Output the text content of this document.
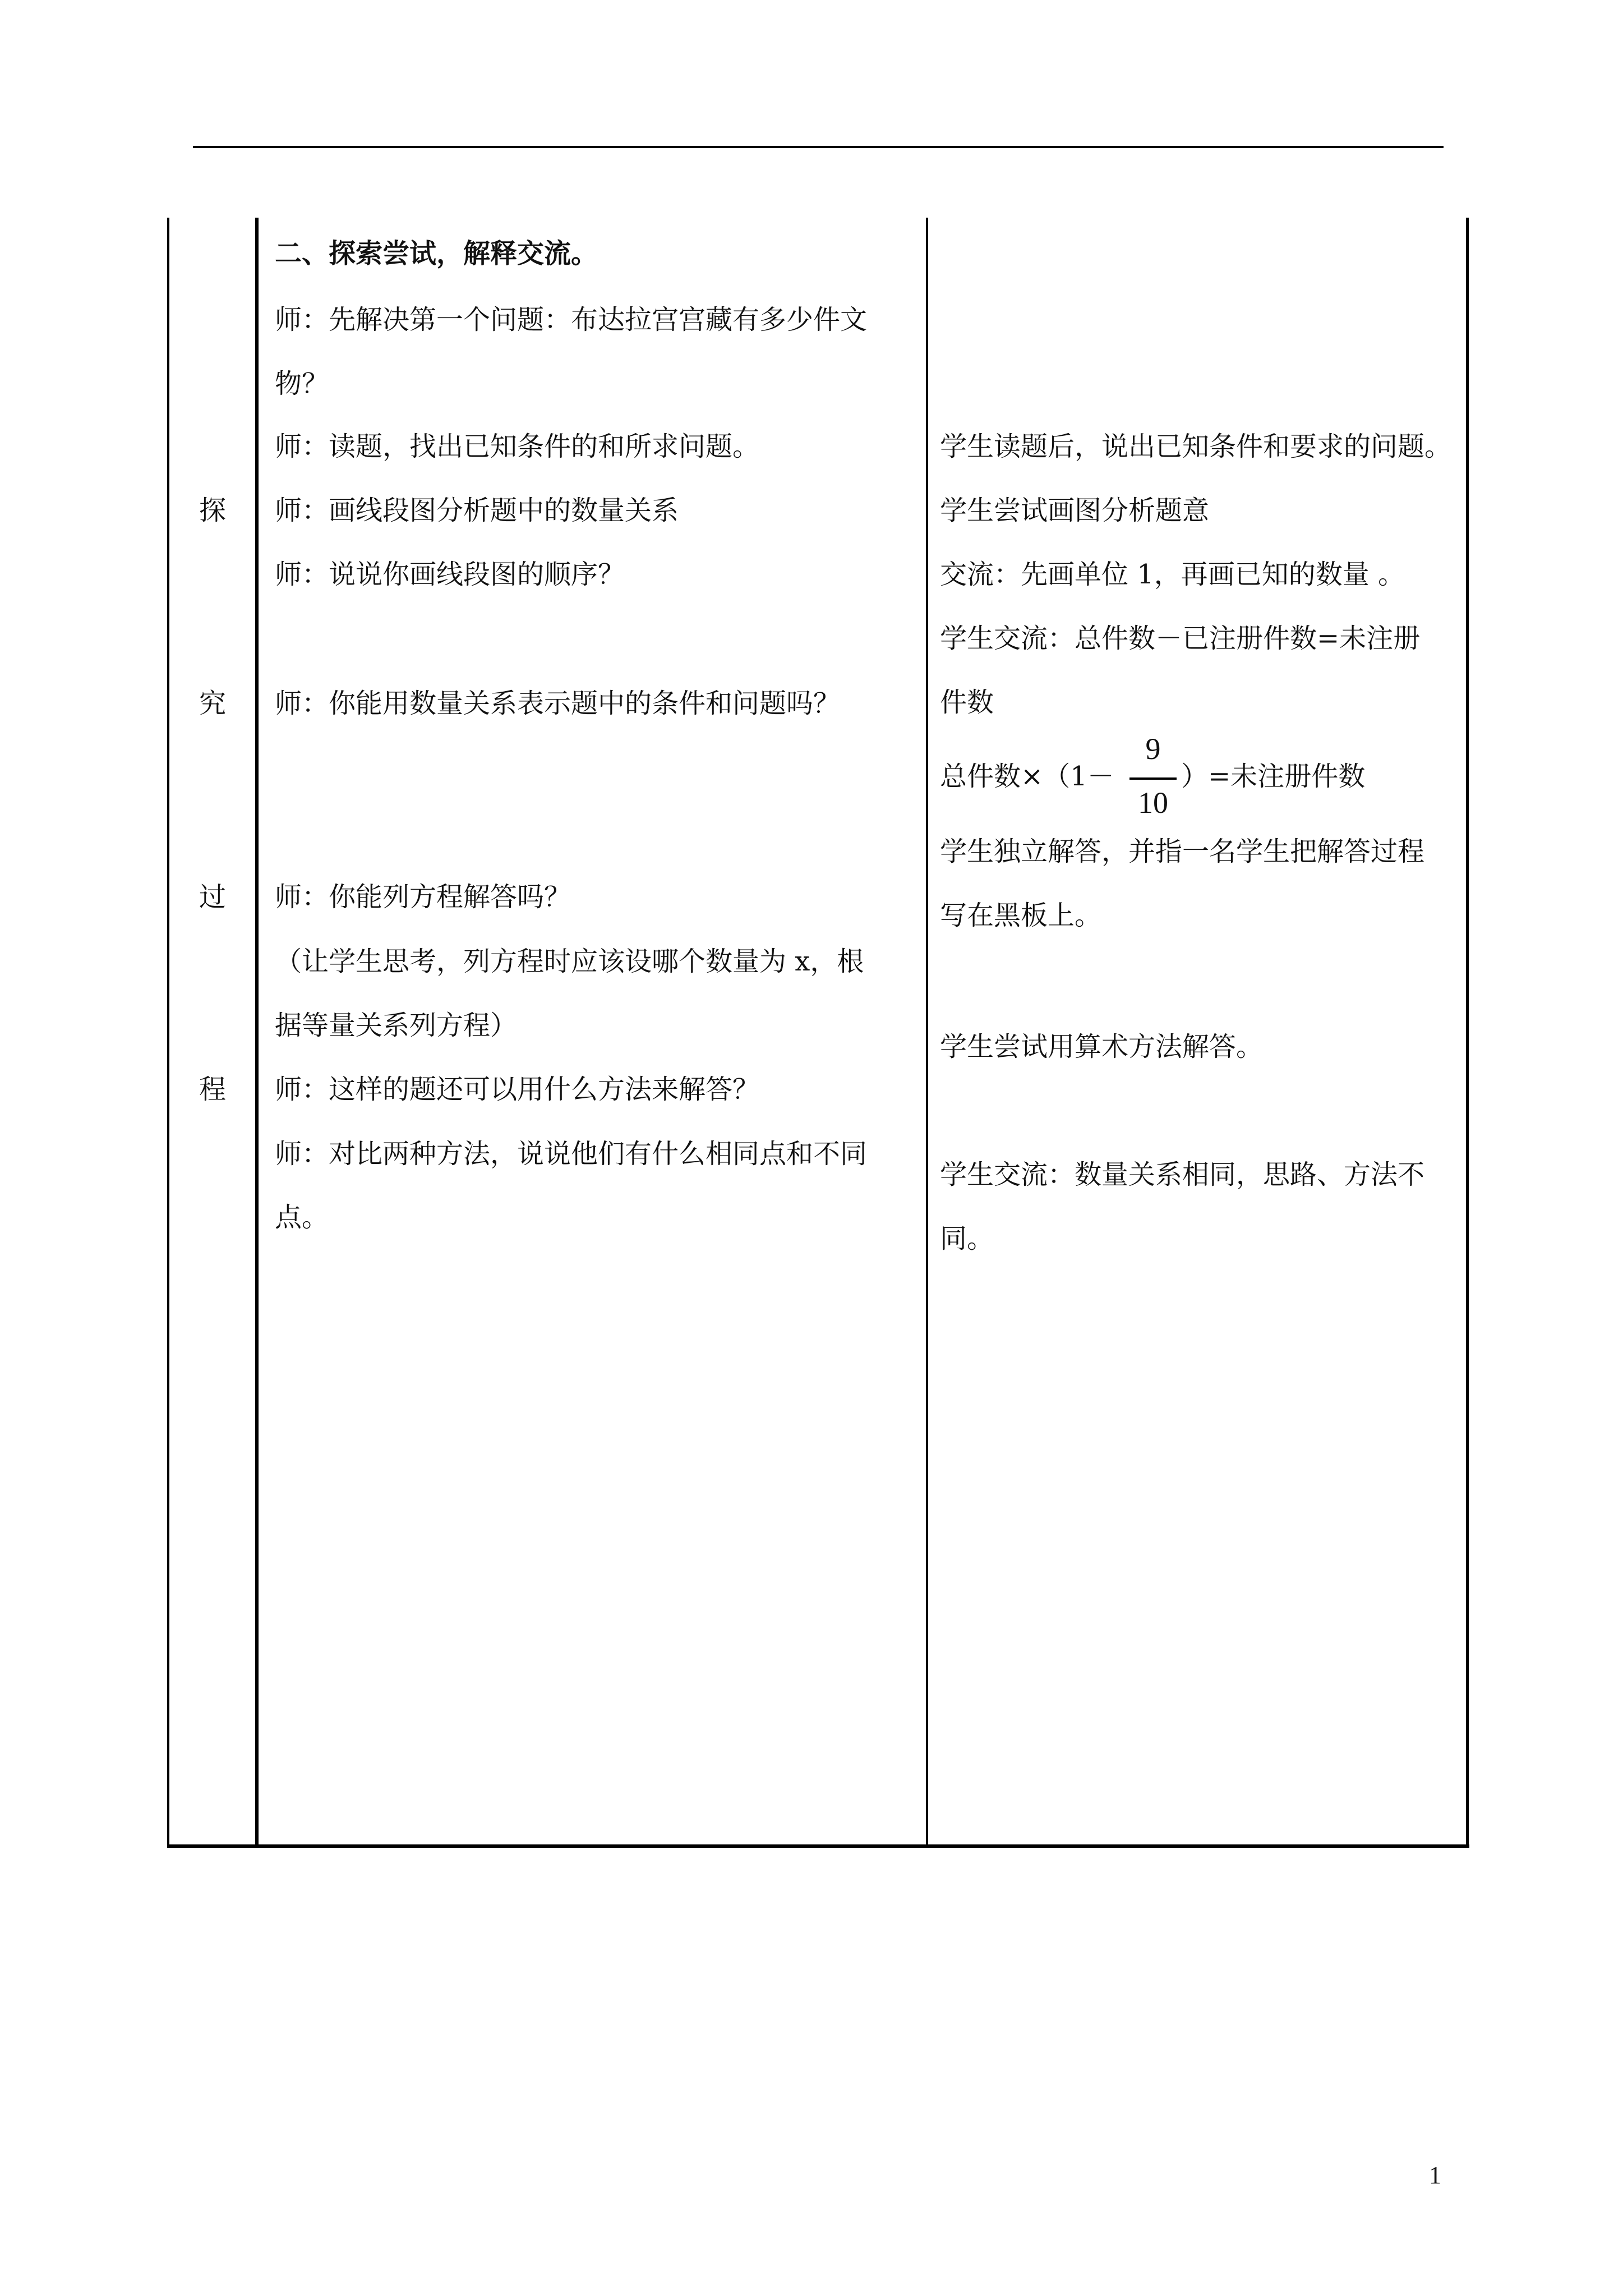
探
究
过
程
二、探索尝试，解释交流。
师：先解决第一个问题：布达拉宫宫藏有多少件文
物？
师：读题，找出已知条件的和所求问题。
师：画线段图分析题中的数量关系
师：说说你画线段图的顺序？
师：你能用数量关系表示题中的条件和问题吗？
师：你能列方程解答吗？
（让学生思考，列方程时应该设哪个数量为 x，根
据等量关系列方程）
师：这样的题还可以用什么方法来解答？
师：对比两种方法，说说他们有什么相同点和不同
点。
学生读题后，说出已知条件和要求的问题。
学生尝试画图分析题意
交流：先画单位 1，再画已知的数量 。
学生交流：总件数－已注册件数=未注册
件数
总件数×（1－
9
10
）=未注册件数
学生独立解答，并指一名学生把解答过程
写在黑板上。
学生尝试用算术方法解答。
学生交流：数量关系相同，思路、方法不
同。
1
